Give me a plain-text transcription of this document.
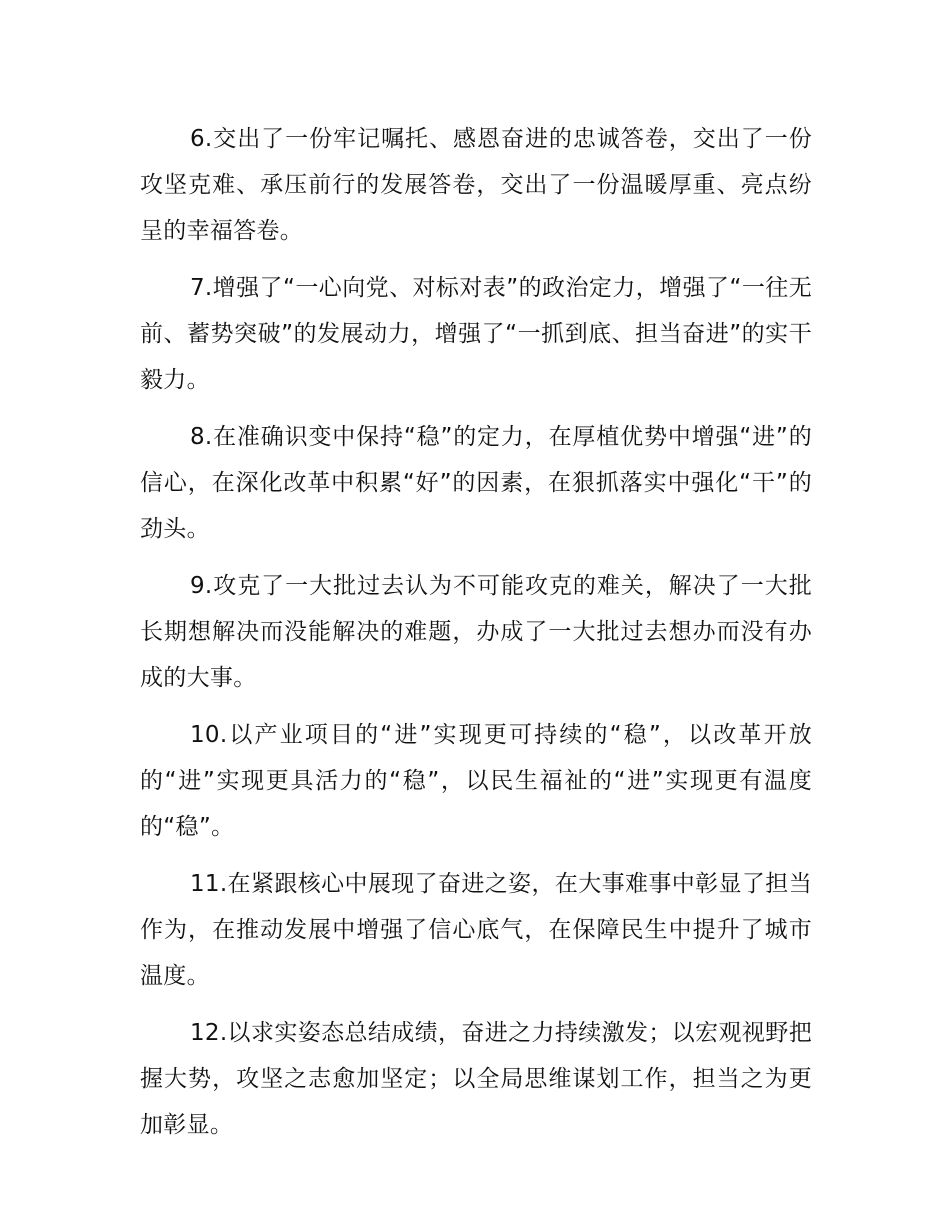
6.交出了一份牢记嘱托、感恩奋进的忠诚答卷，交出了一份攻坚克难、承压前行的发展答卷，交出了一份温暖厚重、亮点纷呈的幸福答卷。

7.增强了“一心向党、对标对表”的政治定力，增强了“一往无前、蓄势突破”的发展动力，增强了“一抓到底、担当奋进”的实干毅力。

8.在准确识变中保持“稳”的定力，在厚植优势中增强“进”的信心，在深化改革中积累“好”的因素，在狠抓落实中强化“干”的劲头。

9.攻克了一大批过去认为不可能攻克的难关，解决了一大批长期想解决而没能解决的难题，办成了一大批过去想办而没有办成的大事。

10.以产业项目的“进”实现更可持续的“稳”，以改革开放的“进”实现更具活力的“稳”，以民生福祉的“进”实现更有温度的“稳”。

11.在紧跟核心中展现了奋进之姿，在大事难事中彰显了担当作为，在推动发展中增强了信心底气，在保障民生中提升了城市温度。

12.以求实姿态总结成绩，奋进之力持续激发；以宏观视野把握大势，攻坚之志愈加坚定；以全局思维谋划工作，担当之为更加彰显。
